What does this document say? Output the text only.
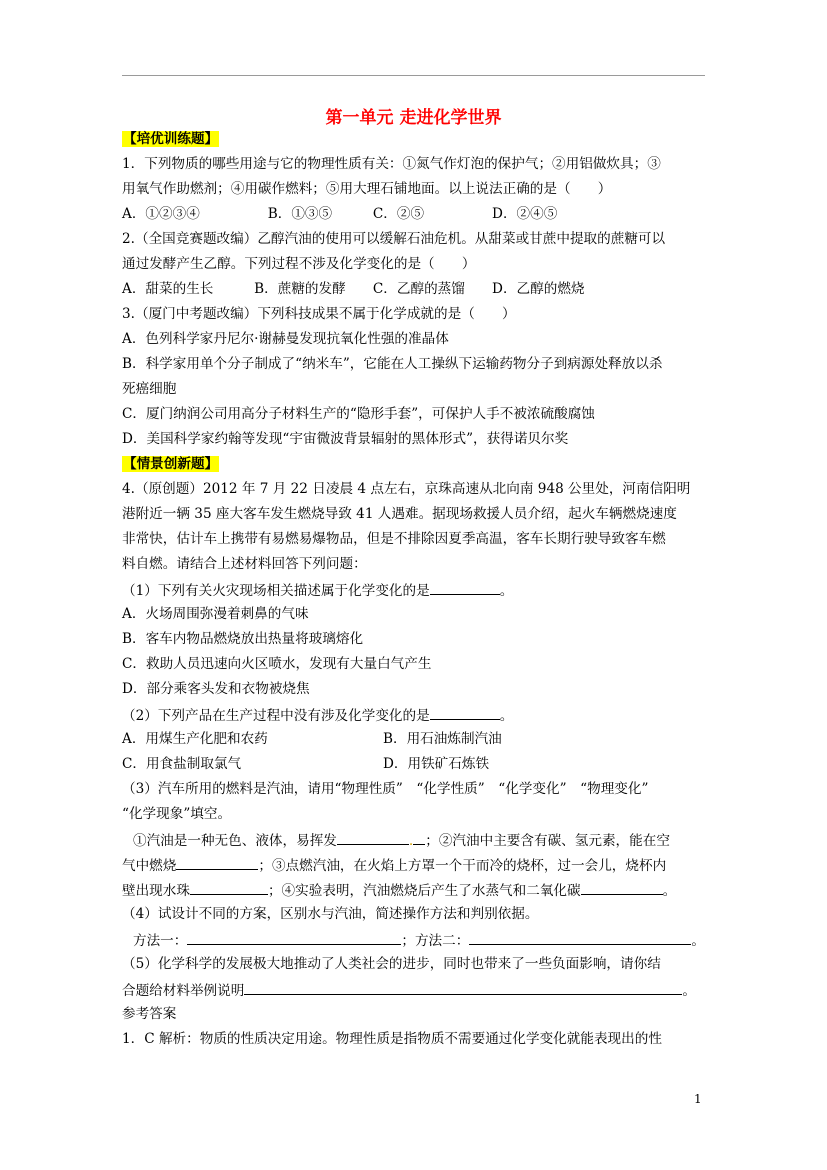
第一单元 走进化学世界
【培优训练题】
1．下列物质的哪些用途与它的物理性质有关：①氮气作灯泡的保护气；②用铝做炊具；③
用氧气作助燃剂；④用碳作燃料；⑤用大理石铺地面。以上说法正确的是（　　）
A．①②③④　　　　　B．①③⑤　　　C．②⑤　　　　　D．②④⑤
2.（全国竞赛题改编）乙醇汽油的使用可以缓解石油危机。从甜菜或甘蔗中提取的蔗糖可以
通过发酵产生乙醇。下列过程不涉及化学变化的是（　　）
A．甜菜的生长　　　B．蔗糖的发酵　　C．乙醇的蒸馏　　D．乙醇的燃烧
3.（厦门中考题改编）下列科技成果不属于化学成就的是（　　）
A．色列科学家丹尼尔·谢赫曼发现抗氧化性强的准晶体
B．科学家用单个分子制成了“纳米车”，它能在人工操纵下运输药物分子到病源处释放以杀
死癌细胞
C．厦门纳润公司用高分子材料生产的“隐形手套”，可保护人手不被浓硫酸腐蚀
D．美国科学家约翰等发现“宇宙微波背景辐射的黑体形式”，获得诺贝尔奖
【情景创新题】
4.（原创题）2012 年 7 月 22 日凌晨 4 点左右，京珠高速从北向南 948 公里处，河南信阳明
港附近一辆 35 座大客车发生燃烧导致 41 人遇难。据现场救援人员介绍，起火车辆燃烧速度
非常快，估计车上携带有易燃易爆物品，但是不排除因夏季高温，客车长期行驶导致客车燃
料自燃。请结合上述材料回答下列问题：
（1）下列有关火灾现场相关描述属于化学变化的是	。
A．火场周围弥漫着刺鼻的气味
B．客车内物品燃烧放出热量将玻璃熔化
C．救助人员迅速向火区喷水，发现有大量白气产生
D．部分乘客头发和衣物被烧焦
（2）下列产品在生产过程中没有涉及化学变化的是	。
A．用煤生产化肥和农药	B．用石油炼制汽油
C．用食盐制取氯气	D．用铁矿石炼铁
（3）汽车所用的燃料是汽油，请用“物理性质”　“化学性质”　“化学变化”　“物理变化”
“化学现象”填空。
①汽油是一种无色、液体，易挥发	. ；②汽油中主要含有碳、氢元素，能在空
气中燃烧	；③点燃汽油，在火焰上方罩一个干而冷的烧杯，过一会儿，烧杯内
壁出现水珠	；④实验表明，汽油燃烧后产生了水蒸气和二氧化碳	。
（4）试设计不同的方案，区别水与汽油，简述操作方法和判别依据。
方法一：	；方法二：	。
（5）化学科学的发展极大地推动了人类社会的进步，同时也带来了一些负面影响，请你结
合题给材料举例说明	。
参考答案
1．C 解析：物质的性质决定用途。物理性质是指物质不需要通过化学变化就能表现出的性
1
